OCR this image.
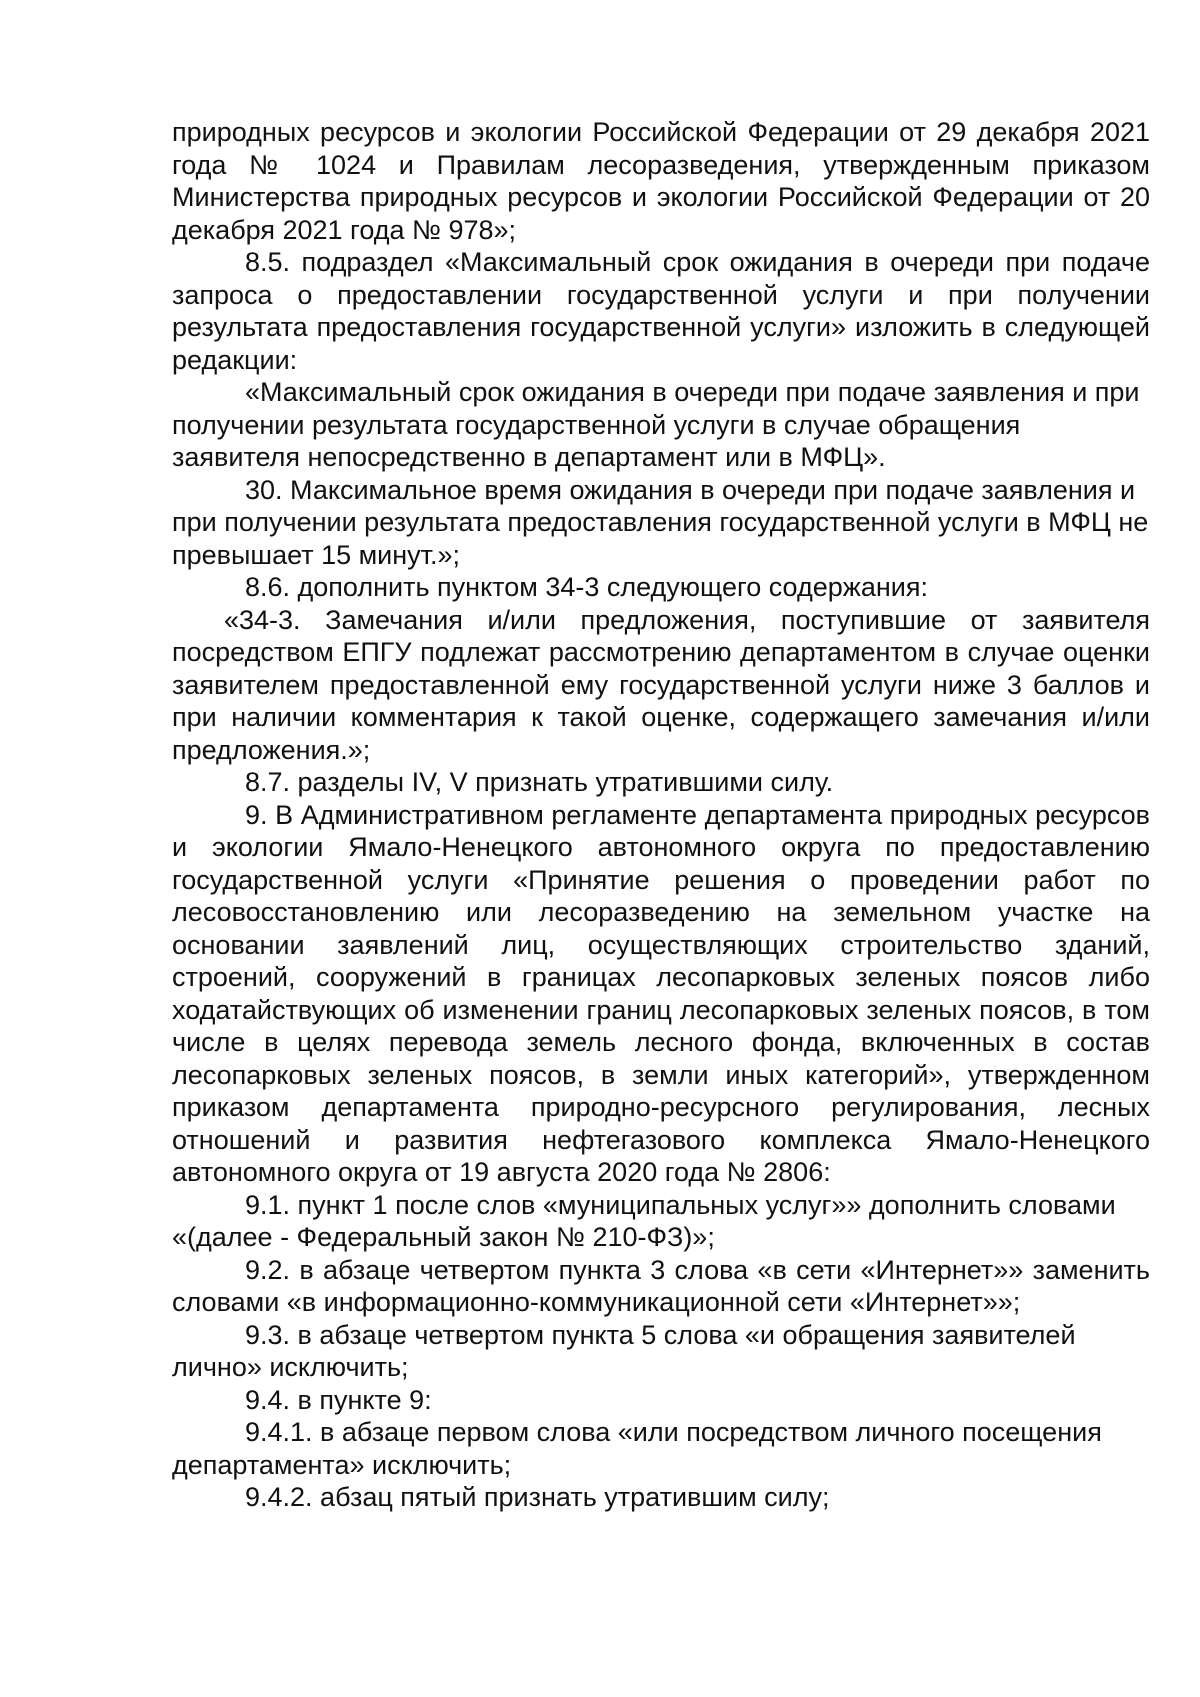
природных ресурсов и экологии Российской Федерации от 29 декабря 2021 года № 1024 и Правилам лесоразведения, утвержденным приказом Министерства природных ресурсов и экологии Российской Федерации от 20 декабря 2021 года № 978»;

8.5. подраздел «Максимальный срок ожидания в очереди при подаче запроса о предоставлении государственной услуги и при получении результата предоставления государственной услуги» изложить в следующей редакции:

«Максимальный срок ожидания в очереди при подаче заявления и при получении результата государственной услуги в случае обращения заявителя непосредственно в департамент или в МФЦ».

30. Максимальное время ожидания в очереди при подаче заявления и при получении результата предоставления государственной услуги в МФЦ не превышает 15 минут.»;

8.6. дополнить пунктом 34-3 следующего содержания:

«34-3. Замечания и/или предложения, поступившие от заявителя посредством ЕПГУ подлежат рассмотрению департаментом в случае оценки заявителем предоставленной ему государственной услуги ниже 3 баллов и при наличии комментария к такой оценке, содержащего замечания и/или предложения.»;

8.7. разделы IV, V признать утратившими силу.

9. В Административном регламенте департамента природных ресурсов и экологии Ямало-Ненецкого автономного округа по предоставлению государственной услуги «Принятие решения о проведении работ по лесовосстановлению или лесоразведению на земельном участке на основании заявлений лиц, осуществляющих строительство зданий, строений, сооружений в границах лесопарковых зеленых поясов либо ходатайствующих об изменении границ лесопарковых зеленых поясов, в том числе в целях перевода земель лесного фонда, включенных в состав лесопарковых зеленых поясов, в земли иных категорий», утвержденном приказом департамента природно-ресурсного регулирования, лесных отношений и развития нефтегазового комплекса Ямало-Ненецкого автономного округа от 19 августа 2020 года № 2806:

9.1. пункт 1 после слов «муниципальных услуг»» дополнить словами «(далее - Федеральный закон № 210-ФЗ)»;

9.2. в абзаце четвертом пункта 3 слова «в сети «Интернет»» заменить словами «в информационно-коммуникационной сети «Интернет»»;

9.3. в абзаце четвертом пункта 5 слова «и обращения заявителей лично» исключить;

9.4. в пункте 9:

9.4.1. в абзаце первом слова «или посредством личного посещения департамента» исключить;

9.4.2. абзац пятый признать утратившим силу;
